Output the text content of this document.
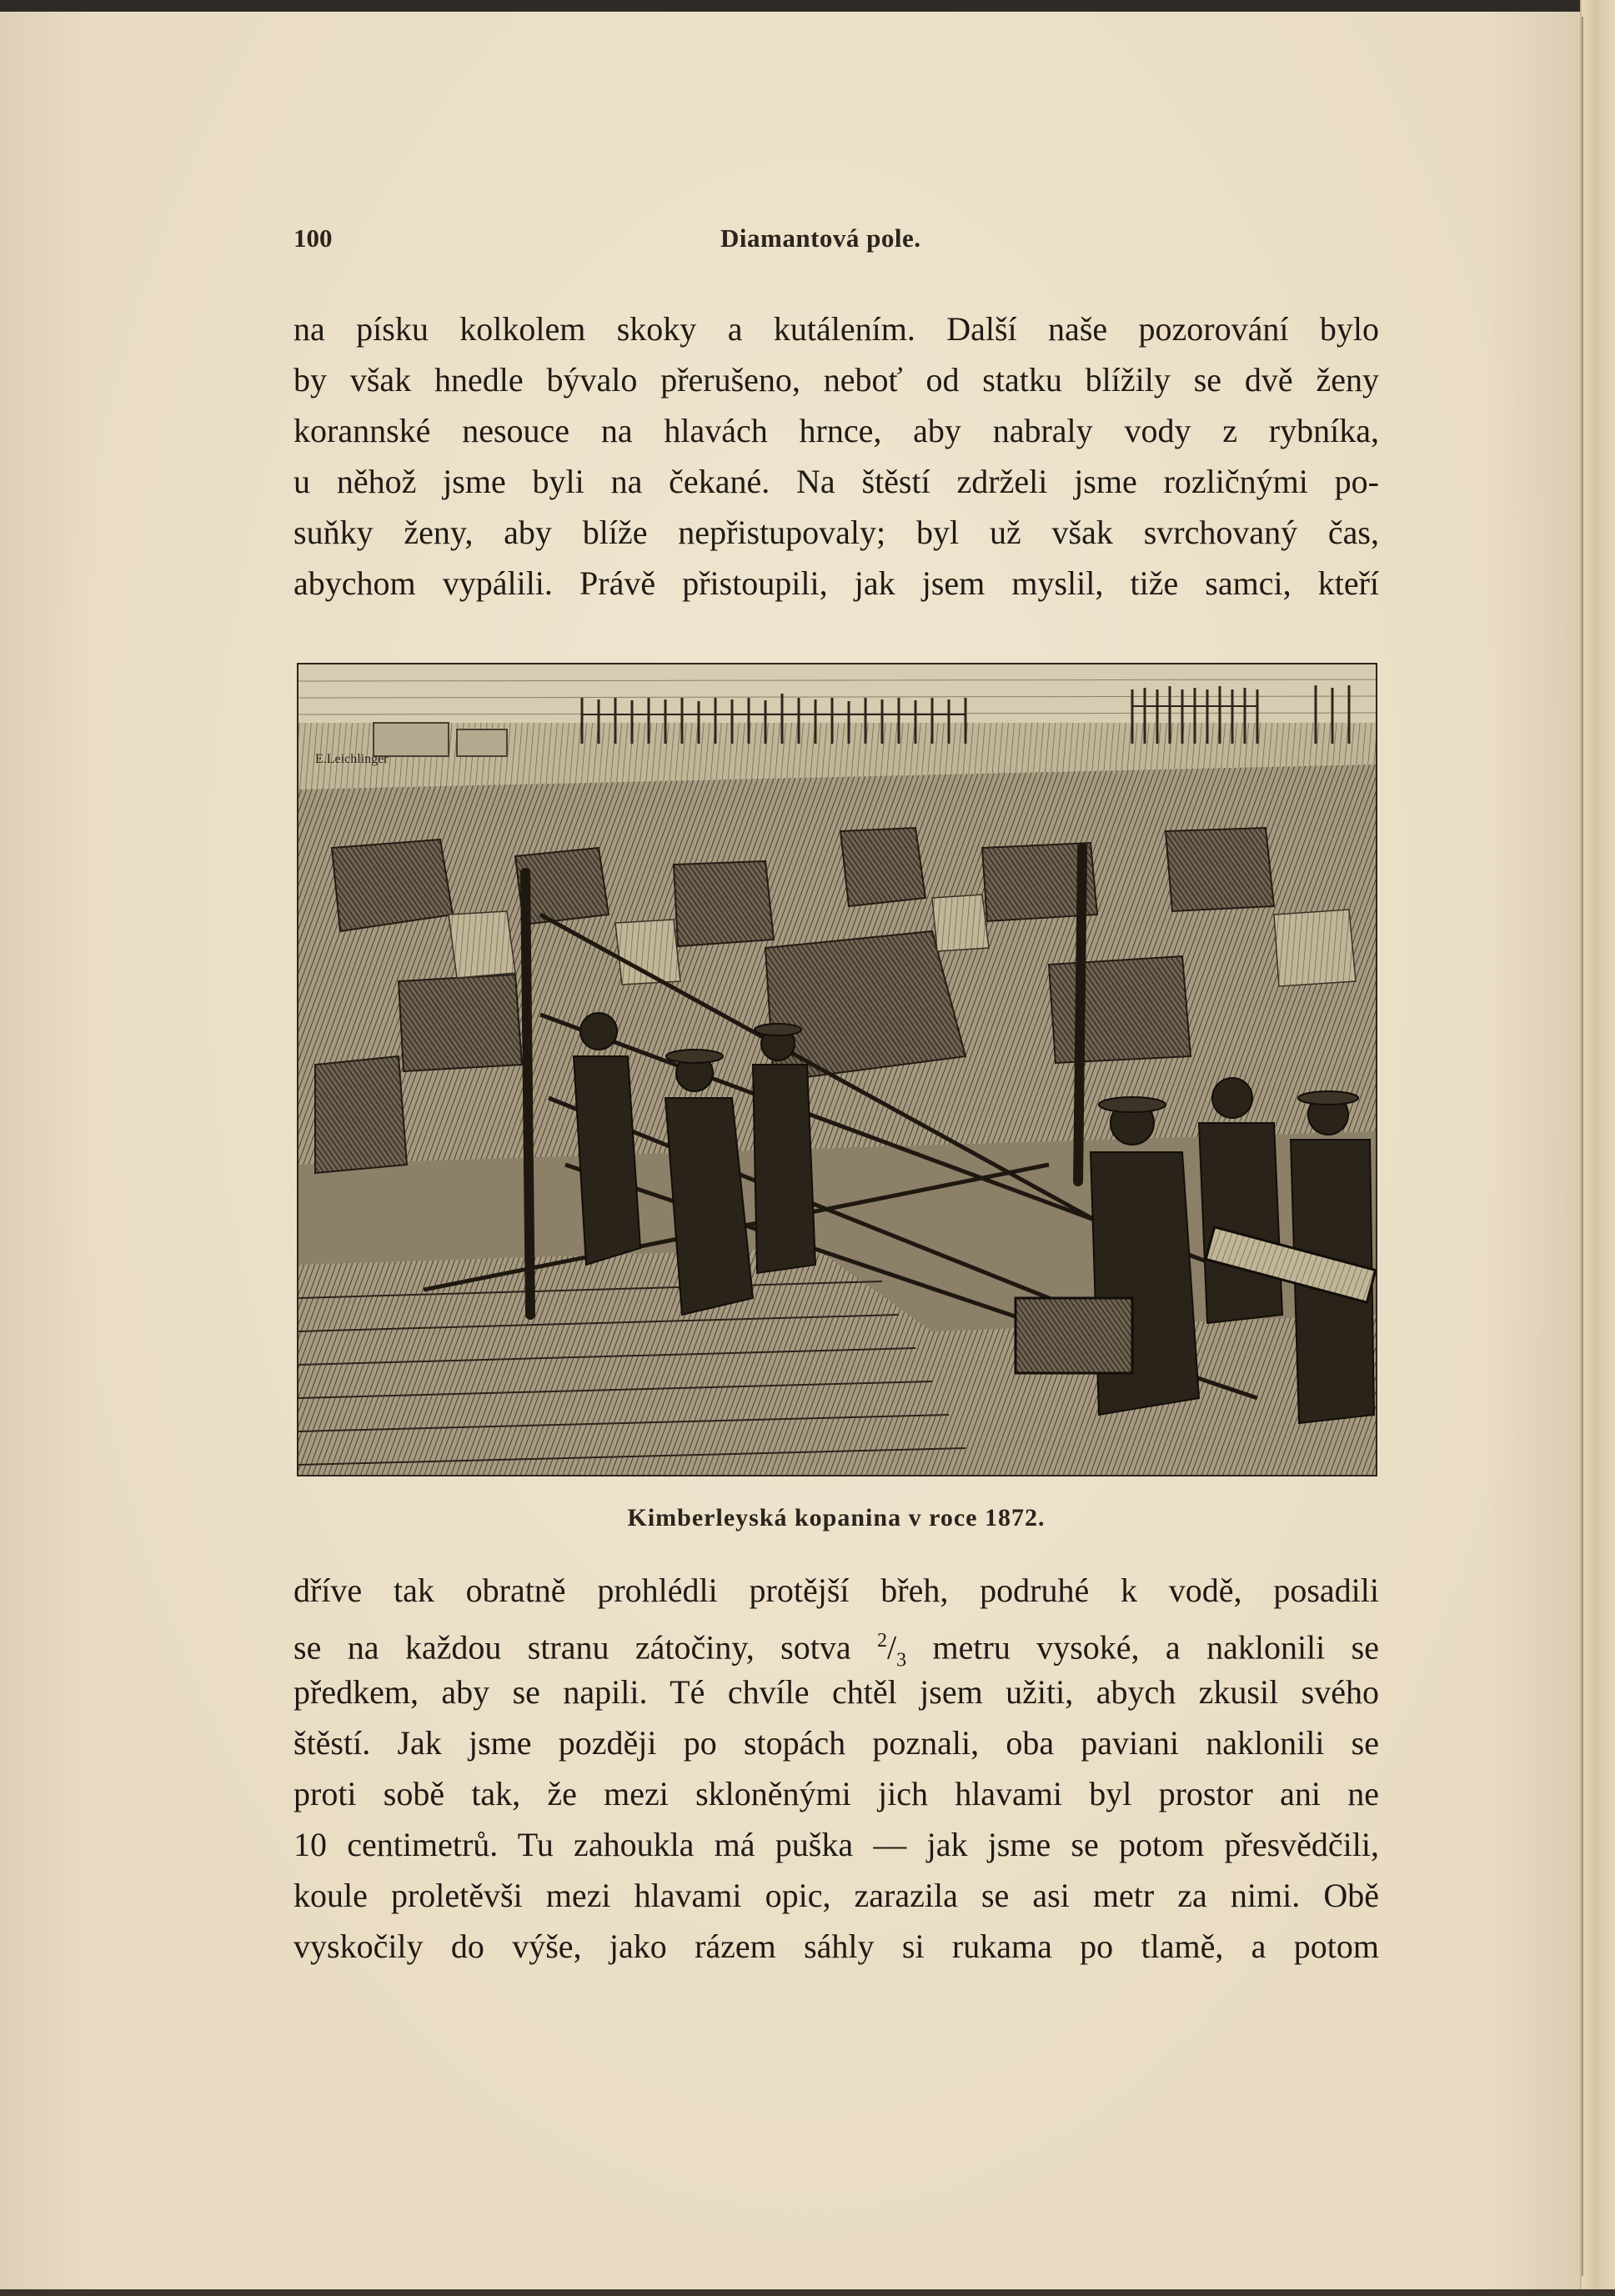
100	Diamantová pole.
na písku kolkolem skoky a kutálením. Další naše pozorování bylo
by však hnedle bývalo přerušeno, neboť od statku blížily se dvě ženy
korannské nesouce na hlavách hrnce, aby nabraly vody z rybníka,
u něhož jsme byli na čekané. Na štěstí zdrželi jsme rozličnými po-
suňky ženy, aby blíže nepřistupovaly; byl už však svrchovaný čas,
abychom vypálili. Právě přistoupili, jak jsem myslil, tiže samci, kteří
E.Leichlinger
Kimberleyská kopanina v roce 1872.
dříve tak obratně prohlédli protější břeh, podruhé k vodě, posadili
se na každou stranu zátočiny, sotva $^2/_3$ metru vysoké, a naklonili se
předkem, aby se napili. Té chvíle chtěl jsem užiti, abych zkusil svého
štěstí. Jak jsme později po stopách poznali, oba paviani naklonili se
proti sobě tak, že mezi skloněnými jich hlavami byl prostor ani ne
10 centimetrů. Tu zahoukla má puška — jak jsme se potom přesvědčili,
koule proletěvši mezi hlavami opic, zarazila se asi metr za nimi. Obě
vyskočily do výše, jako rázem sáhly si rukama po tlamě, a potom
